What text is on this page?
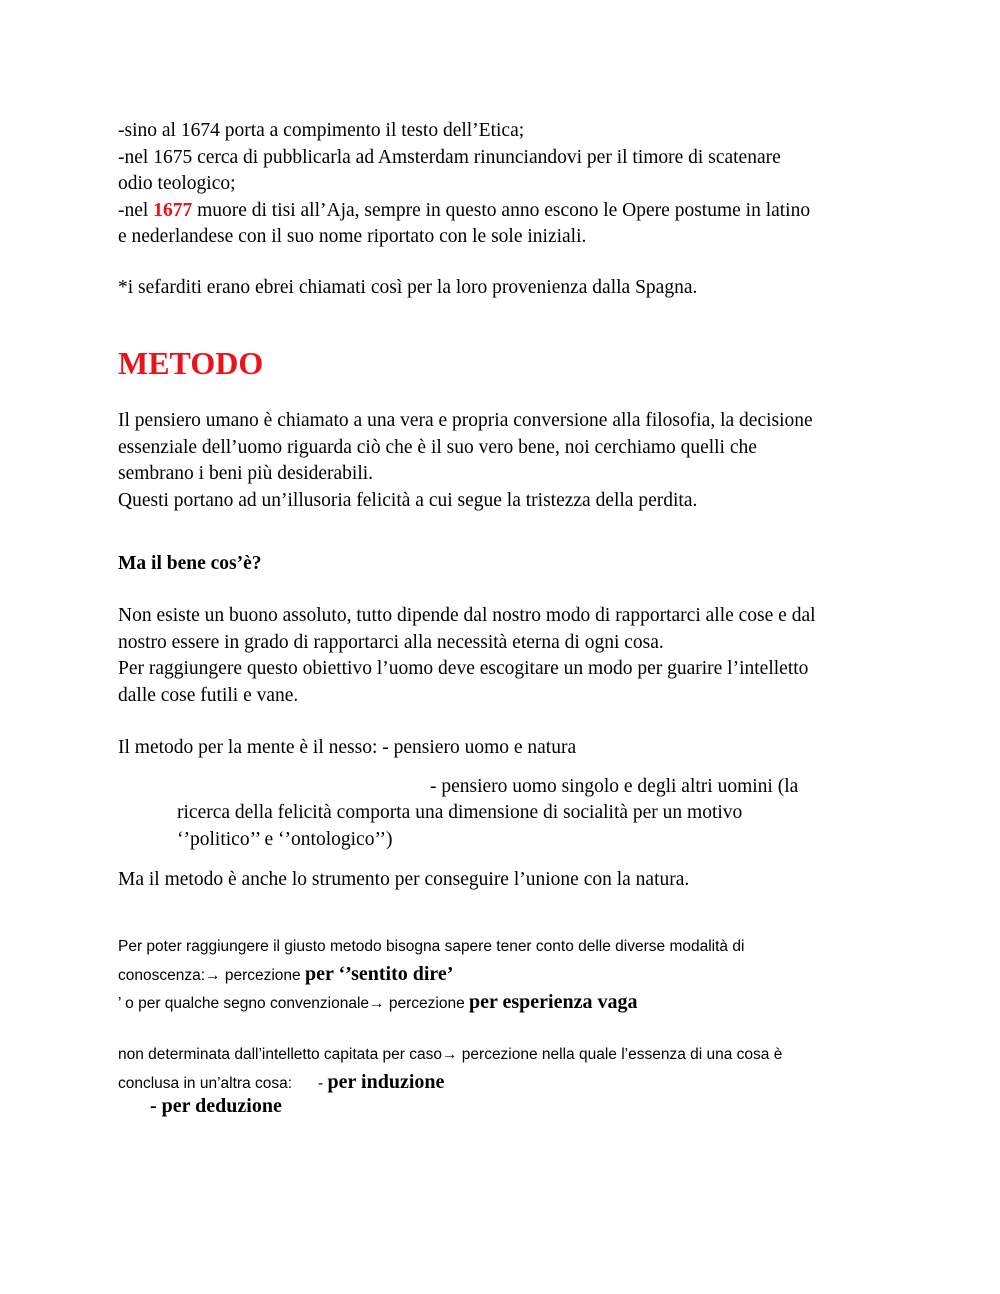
-sino al 1674 porta a compimento il testo dell’Etica;
-nel 1675 cerca di pubblicarla ad Amsterdam rinunciandovi per il timore di scatenare
odio teologico;
-nel 1677 muore di tisi all’Aja, sempre in questo anno escono le Opere postume in latino
e nederlandese con il suo nome riportato con le sole iniziali.

*i sefarditi erano ebrei chiamati così per la loro provenienza dalla Spagna.

METODO

Il pensiero umano è chiamato a una vera e propria conversione alla filosofia, la decisione
essenziale dell’uomo riguarda ciò che è il suo vero bene, noi cerchiamo quelli che
sembrano i beni più desiderabili.
Questi portano ad un’illusoria felicità a cui segue la tristezza della perdita.

Ma il bene cos’è?

Non esiste un buono assoluto, tutto dipende dal nostro modo di rapportarci alle cose e dal
nostro essere in grado di rapportarci alla necessità eterna di ogni cosa.
Per raggiungere questo obiettivo l’uomo deve escogitare un modo per guarire l’intelletto
dalle cose futili e vane.

Il metodo per la mente è il nesso: - pensiero uomo e natura

- pensiero uomo singolo e degli altri uomini (la

ricerca della felicità comporta una dimensione di socialità per un motivo
‘’politico’’ e ‘’ontologico’’)

Ma il metodo è anche lo strumento per conseguire l’unione con la natura.

Per poter raggiungere il giusto metodo bisogna sapere tener conto delle diverse modalità di
conoscenza:→ percezione per ‘’sentito dire’
’ o per qualche segno convenzionale→ percezione per esperienza vaga

non determinata dall’intelletto capitata per caso→ percezione nella quale l’essenza di una cosa è
conclusa in un’altra cosa: - per induzione

- per deduzione
